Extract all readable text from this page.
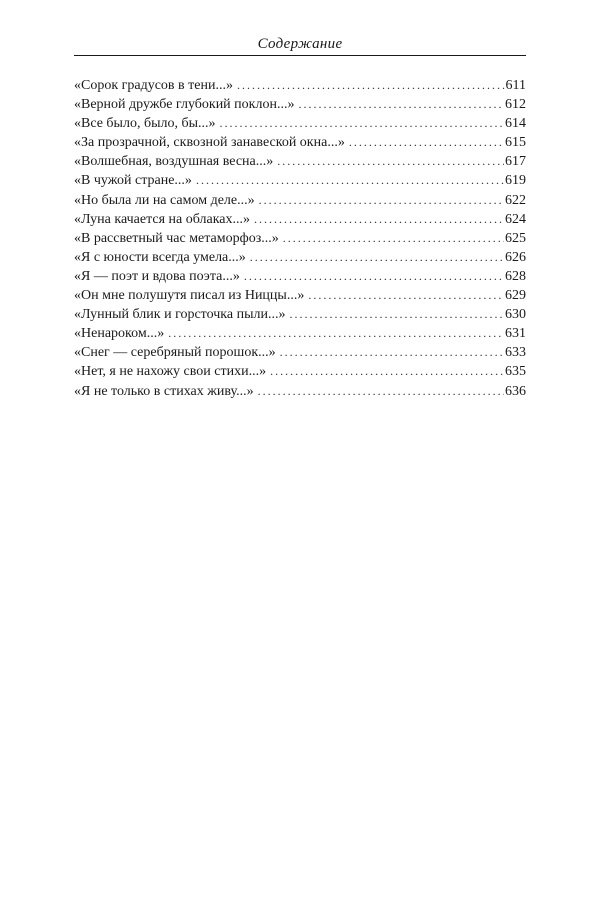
Содержание
«Сорок градусов в тени...» . . .	611
«Верной дружбе глубокий поклон...» . . .	612
«Все было, было, бы...» . . .	614
«За прозрачной, сквозной занавеской окна...» . . .	615
«Волшебная, воздушная весна...» . . .	617
«В чужой стране...» . . .	619
«Но была ли на самом деле...» . . .	622
«Луна качается на облаках...» . . .	624
«В рассветный час метаморфоз...» . . .	625
«Я с юности всегда умела...» . . .	626
«Я — поэт и вдова поэта...» . . .	628
«Он мне полушутя писал из Ниццы...» . . .	629
«Лунный блик и горсточка пыли...» . . .	630
«Ненароком...» . . .	631
«Снег — серебряный порошок...» . . .	633
«Нет, я не нахожу свои стихи...» . . .	635
«Я не только в стихах живу...» . . .	636
